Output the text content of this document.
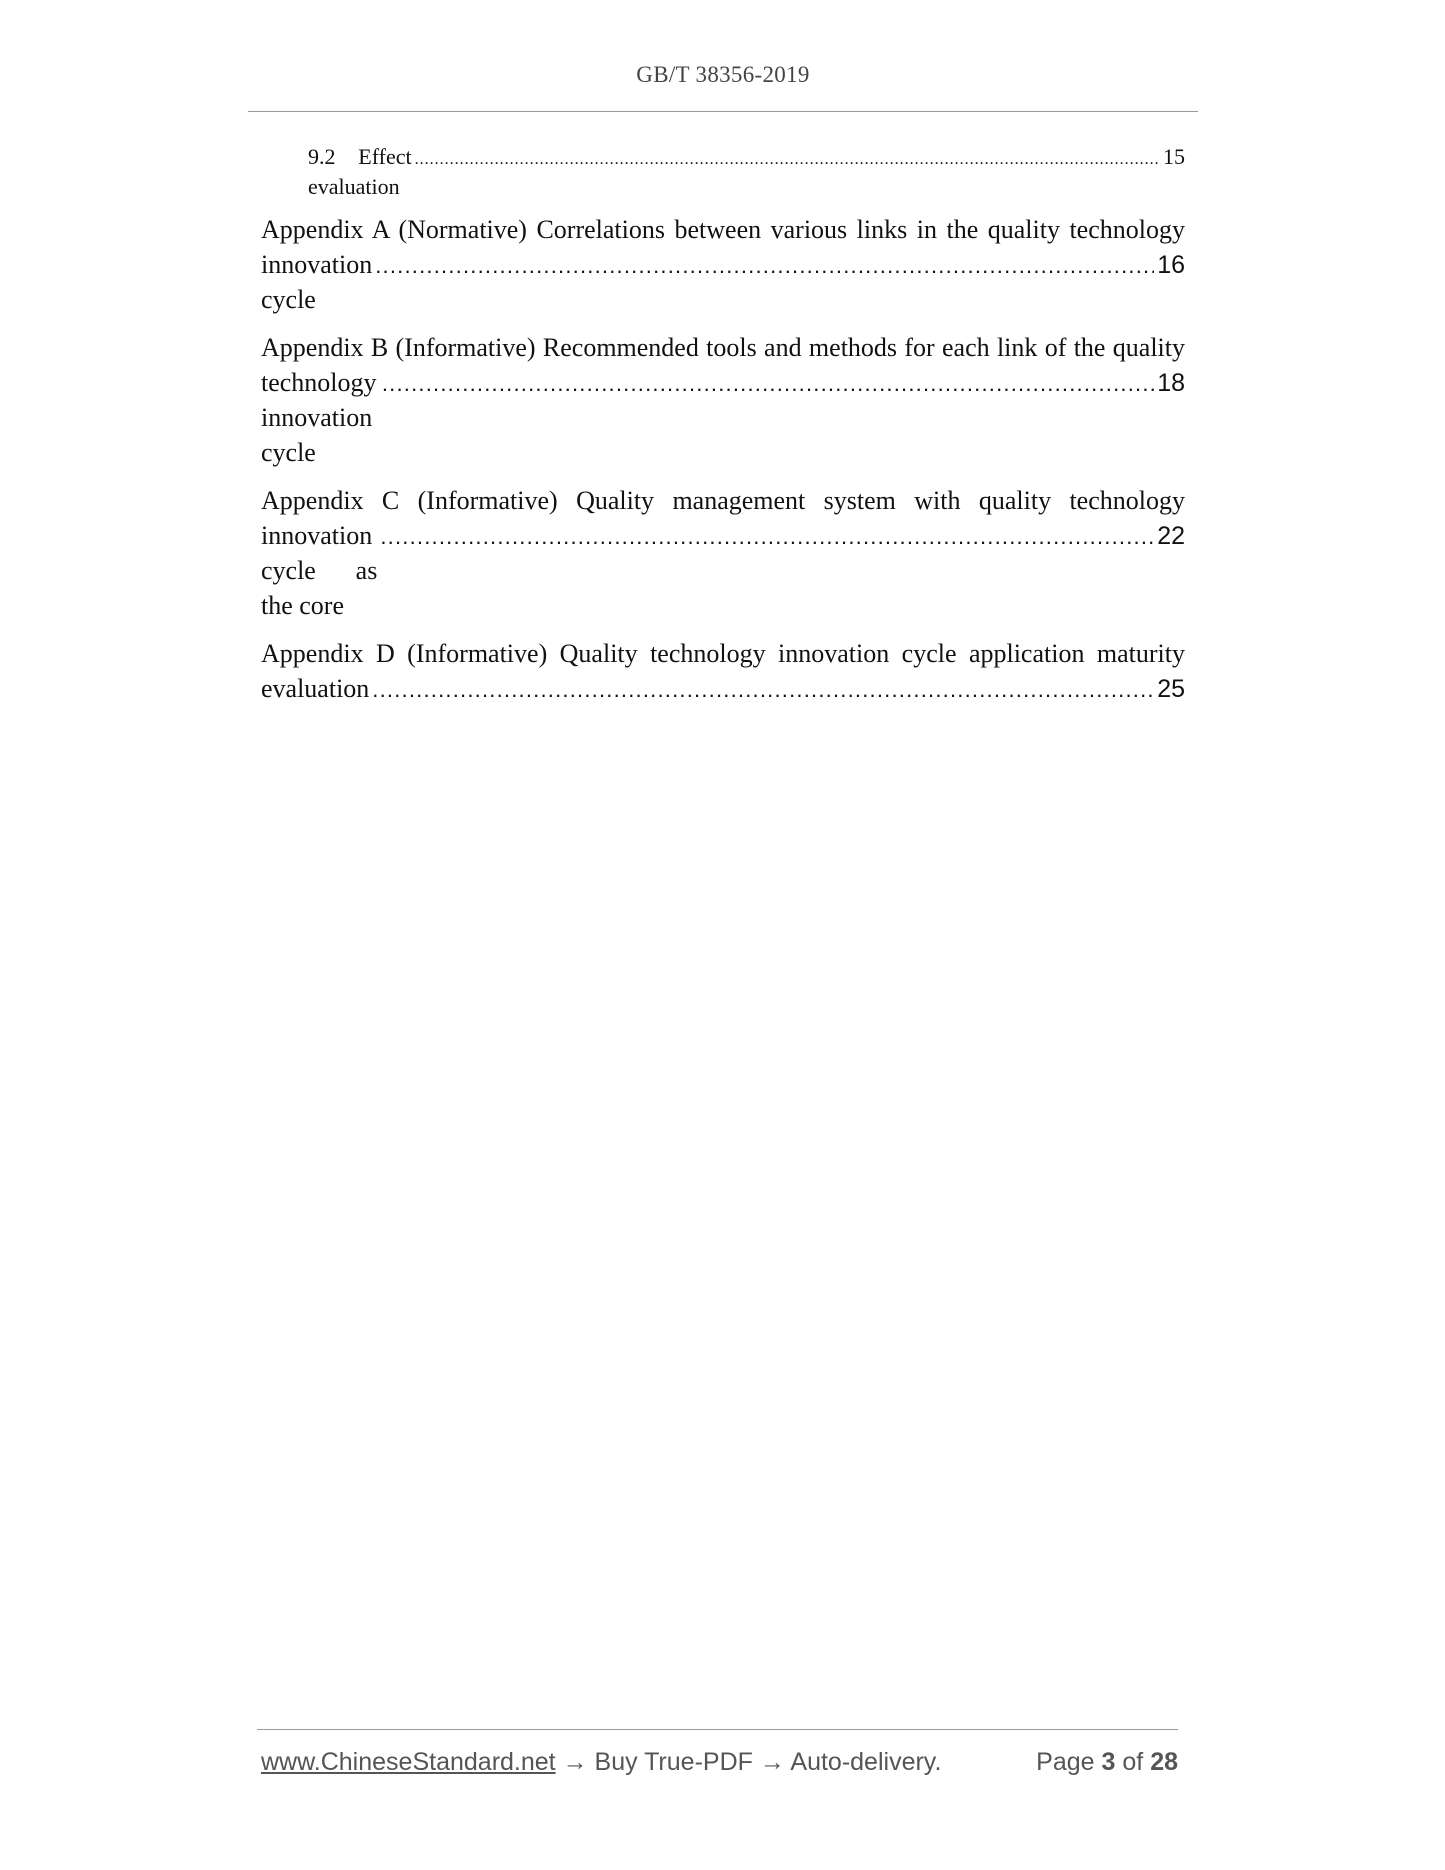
GB/T 38356-2019
9.2 Effect evaluation
.....
15
Appendix A (Normative) Correlations between various links in the quality technology
innovation cycle
.....
16
Appendix B (Informative) Recommended tools and methods for each link of the quality
technology innovation cycle
.....
18
Appendix C (Informative) Quality management system with quality technology
innovation cycle as the core
.....
22
Appendix D (Informative) Quality technology innovation cycle application maturity
evaluation
.....	25
www.ChineseStandard.net → Buy True-PDF → Auto-delivery.	Page 3 of 28
